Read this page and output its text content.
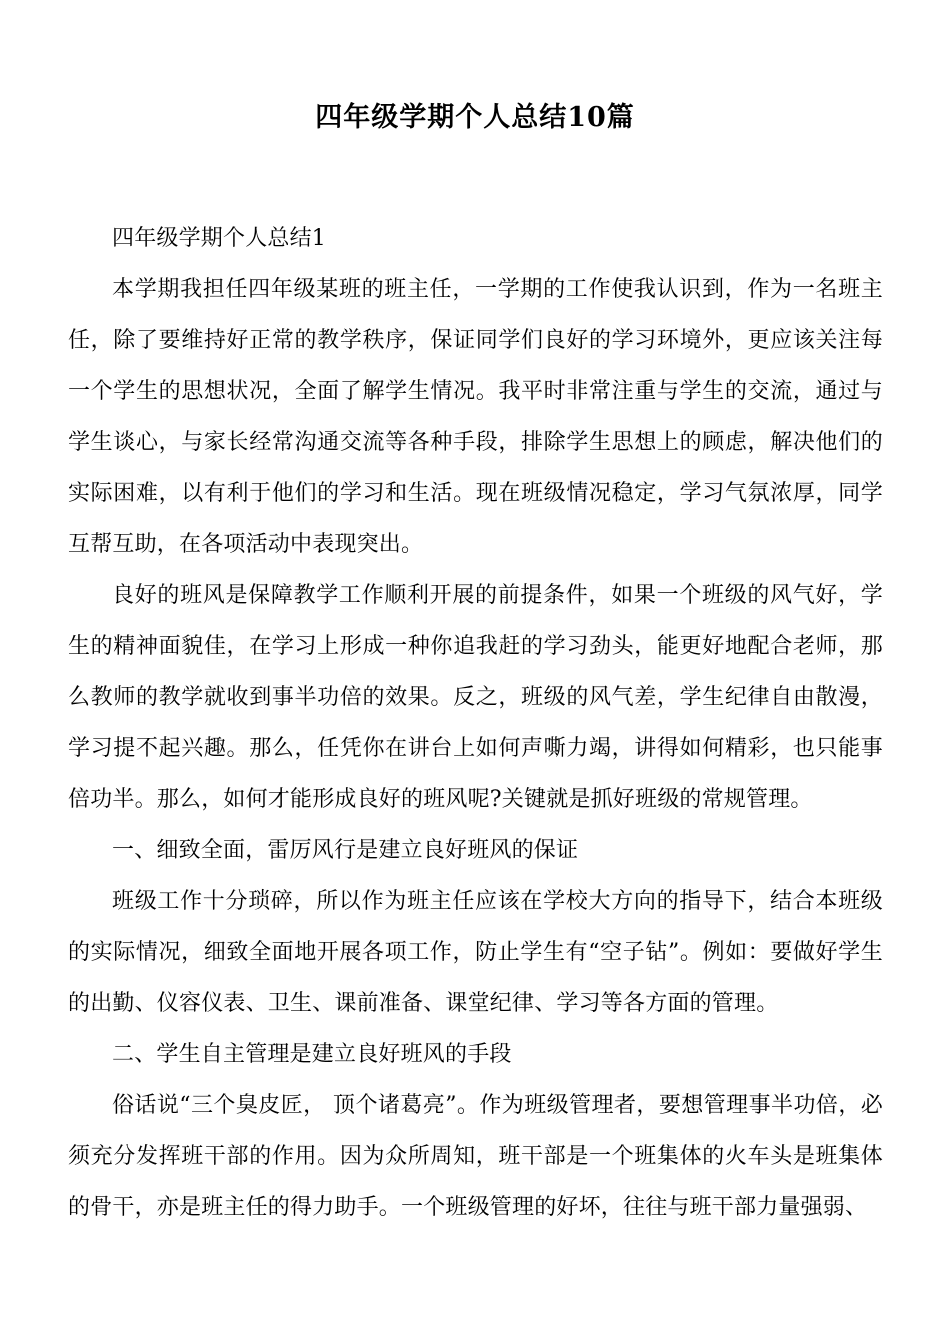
四年级学期个人总结10篇

四年级学期个人总结1

本学期我担任四年级某班的班主任，一学期的工作使我认识到，作为一名班主任，除了要维持好正常的教学秩序，保证同学们良好的学习环境外，更应该关注每一个学生的思想状况，全面了解学生情况。我平时非常注重与学生的交流，通过与学生谈心，与家长经常沟通交流等各种手段，排除学生思想上的顾虑，解决他们的实际困难，以有利于他们的学习和生活。现在班级情况稳定，学习气氛浓厚，同学互帮互助，在各项活动中表现突出。

良好的班风是保障教学工作顺利开展的前提条件，如果一个班级的风气好，学生的精神面貌佳，在学习上形成一种你追我赶的学习劲头，能更好地配合老师，那么教师的教学就收到事半功倍的效果。反之，班级的风气差，学生纪律自由散漫，学习提不起兴趣。那么，任凭你在讲台上如何声嘶力竭，讲得如何精彩，也只能事倍功半。那么，如何才能形成良好的班风呢?关键就是抓好班级的常规管理。

一、细致全面，雷厉风行是建立良好班风的保证

班级工作十分琐碎，所以作为班主任应该在学校大方向的指导下，结合本班级的实际情况，细致全面地开展各项工作，防止学生有“空子钻”。例如：要做好学生的出勤、仪容仪表、卫生、课前准备、课堂纪律、学习等各方面的管理。

二、学生自主管理是建立良好班风的手段

俗话说“三个臭皮匠， 顶个诸葛亮”。作为班级管理者，要想管理事半功倍，必须充分发挥班干部的作用。因为众所周知，班干部是一个班集体的火车头是班集体的骨干，亦是班主任的得力助手。一个班级管理的好坏，往往与班干部力量强弱、
